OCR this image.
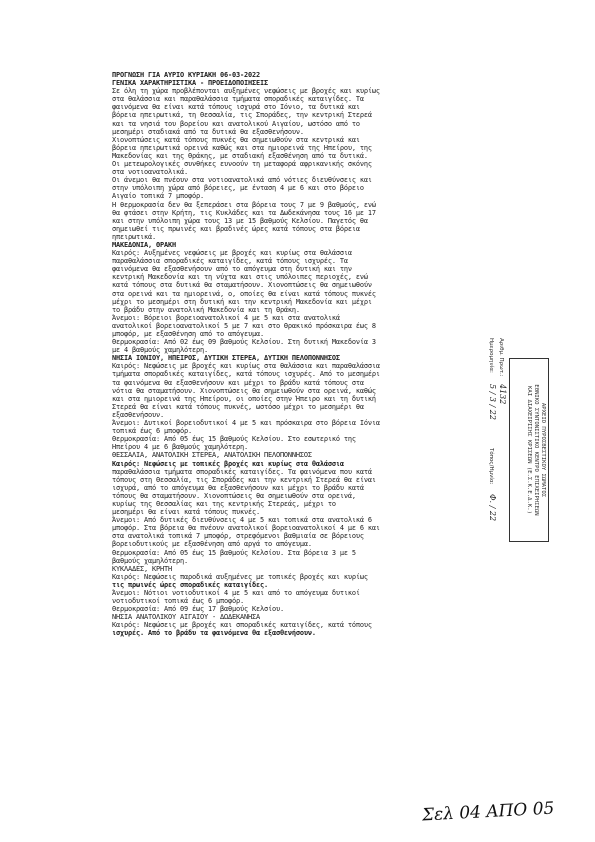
ΠΡΟΓΝΩΣΗ ΓΙΑ ΑΥΡΙΟ ΚΥΡΙΑΚΗ 06-03-2022
ΓΕΝΙΚΑ ΧΑΡΑΚΤΗΡΙΣΤΙΚΑ - ΠΡΟΕΙΔΟΠΟΙΗΣΕΙΣ
Σε όλη τη χώρα προβλέπονται αυξημένες νεφώσεις με βροχές και κυρίως
στα θαλάσσια και παραθαλάσσια τμήματα σποραδικές καταιγίδες. Τα
φαινόμενα θα είναι κατά τόπους ισχυρά στο Ιόνιο, τα δυτικά και
βόρεια ηπειρωτικά, τη Θεσσαλία, τις Σποράδες, την κεντρική Στερεά
και τα νησιά του βορείου και ανατολικού Αιγαίου, ωστόσο από το
μεσημέρι σταδιακά από τα δυτικά θα εξασθενήσουν.
Χιονοπτώσεις κατά τόπους πυκνές θα σημειωθούν στα κεντρικά και
βόρεια ηπειρωτικά ορεινά καθώς και στα ημιορεινά της Ηπείρου, της
Μακεδονίας και της Θράκης, με σταδιακή εξασθένηση από τα δυτικά.
Οι μετεωρολογικές συνθήκες ευνοούν τη μεταφορά αφρικανικής σκόνης
στα νοτιοανατολικά.
Οι άνεμοι θα πνέουν στα νοτιοανατολικά από νότιες διευθύνσεις και
στην υπόλοιπη χώρα από βόρειες, με ένταση 4 με 6 και στο βόρειο
Αιγαίο τοπικά 7 μποφόρ.
Η θερμοκρασία δεν θα ξεπεράσει στα βόρεια τους 7 με 9 βαθμούς, ενώ
θα φτάσει στην Κρήτη, τις Κυκλάδες και τα Δωδεκάνησα τους 16 με 17
και στην υπόλοιπη χώρα τους 13 με 15 βαθμούς Κελσίου. Παγετός θα
σημειωθεί τις πρωινές και βραδινές ώρες κατά τόπους στα βόρεια
ηπειρωτικά.
ΜΑΚΕΔΟΝΙΑ, ΘΡΑΚΗ
Καιρός: Αυξημένες νεφώσεις με βροχές και κυρίως στα θαλάσσια
παραθαλάσσια σποραδικές καταιγίδες, κατά τόπους ισχυρές. Τα
φαινόμενα θα εξασθενήσουν από το απόγευμα στη δυτική και την
κεντρική Μακεδονία και τη νύχτα και στις υπόλοιπες περιοχές, ενώ
κατά τόπους στα δυτικά θα σταματήσουν. Χιονοπτώσεις θα σημειωθούν
στα ορεινά και τα ημιορεινά, ο, οποίες θα είναι κατά τόπους πυκνές
μέχρι το μεσημέρι στη δυτική και την κεντρική Μακεδονία και μέχρι
το βράδυ στην ανατολική Μακεδονία και τη Θράκη.
Άνεμοι: Βόρειοι βορειοανατολικοί 4 με 5 και στα ανατολικά
ανατολικοί βορειοανατολικοί 5 με 7 και στο Θρακικό πρόσκαιρα έως 8
μποφόρ, με εξασθένηση από το απόγευμα.
Θερμοκρασία: Από 02 έως 09 βαθμούς Κελσίου. Στη δυτική Μακεδονία 3
με 4 βαθμούς χαμηλότερη.
ΝΗΣΙΑ ΙΟΝΙΟΥ, ΗΠΕΙΡΟΣ, ΔΥΤΙΚΗ ΣΤΕΡΕΑ, ΔΥΤΙΚΗ ΠΕΛΟΠΟΝΝΗΣΟΣ
Καιρός: Νεφώσεις με βροχές και κυρίως στα θαλάσσια και παραθαλάσσια
τμήματα σποραδικές καταιγίδες, κατά τόπους ισχυρές. Από το μεσημέρι
τα φαινόμενα θα εξασθενήσουν και μέχρι το βράδυ κατά τόπους στα
νότια θα σταματήσουν. Χιονοπτώσεις θα σημειωθούν στα ορεινά, καθώς
και στα ημιορεινά της Ηπείρου, οι οποίες στην Ήπειρο και τη δυτική
Στερεά θα είναι κατά τόπους πυκνές, ωστόσο μέχρι το μεσημέρι θα
εξασθενήσουν.
Άνεμοι: Δυτικοί βορειοδυτικοί 4 με 5 και πρόσκαιρα στο βόρεια Ιόνια
τοπικά έως 6 μποφόρ.
Θερμοκρασία: Από 05 έως 15 βαθμούς Κελσίου. Στο εσωτερικό της
Ηπείρου 4 με 6 βαθμούς χαμηλότερη.
ΘΕΣΣΑΛΙΑ, ΑΝΑΤΟΛΙΚΗ ΣΤΕΡΕΑ, ΑΝΑΤΟΛΙΚΗ ΠΕΛΟΠΟΝΝΗΣΟΣ
Καιρός: Νεφώσεις με τοπικές βροχές και κυρίως στα θαλάσσια
παραθαλάσσια τμήματα σποραδικές καταιγίδες. Τα φαινόμενα που κατά
τόπους στη Θεσσαλία, τις Σποράδες και την κεντρική Στερεά θα είναι
ισχυρά, από το απόγευμα θα εξασθενήσουν και μέχρι το βράδυ κατά
τόπους θα σταματήσουν. Χιονοπτώσεις θα σημειωθούν στα ορεινά,
κυρίως της Θεσσαλίας και της κεντρικής Στερεάς, μέχρι το
μεσημέρι θα είναι κατά τόπους πυκνές.
Άνεμοι: Από δυτικές διευθύνσεις 4 με 5 και τοπικά στα ανατολικά 6
μποφόρ. Στα βόρεια θα πνέουν ανατολικοί βορειοανατολικοί 4 με 6 και
στα ανατολικά τοπικά 7 μποφόρ, στρεφόμενοι βαθμιαία σε βόρειους
βορειοδυτικούς με εξασθένηση από αργά το απόγευμα.
Θερμοκρασία: Από 05 έως 15 βαθμούς Κελσίου. Στα βόρεια 3 με 5
βαθμούς χαμηλότερη.
ΚΥΚΛΑΔΕΣ, ΚΡΗΤΗ
Καιρός: Νεφώσεις παροδικά αυξημένες με τοπικές βροχές και κυρίως
τις πρωινές ώρες σποραδικές καταιγίδες.
Άνεμοι: Νότιοι νοτιοδυτικοί 4 με 5 και από το απόγευμα δυτικοί
νοτιοδυτικοί τοπικά έως 6 μποφόρ.
Θερμοκρασία: Από 09 έως 17 βαθμούς Κελσίου.
ΝΗΣΙΑ ΑΝΑΤΟΛΙΚΟΥ ΑΙΓΑΙΟΥ - ΔΩΔΕΚΑΝΗΣΑ
Καιρός: Νεφώσεις με βροχές και σποραδικές καταιγίδες, κατά τόπους
ισχυρές. Από το βράδυ τα φαινόμενα θα εξασθενήσουν.
ΑΡΧΕΙΟ ΠΥΡΟΣΒΕΣΤΙΚΟΥ ΣΩΜΑΤΟΣ
ΕΘΝΙΚΟ ΣΥΝΤΟΝΙΣΤΙΚΟ ΚΕΝΤΡΟ ΕΠΙΧΕΙΡΗΣΕΩΝ
ΚΑΙ ΔΙΑΧΕΙΡΙΣΗΣ ΚΡΙΣΕΩΝ (Ε.Σ.Κ.Ε.Δ.Κ.)
Αριθμ. Πρωτ.:
4132
Ημερομηνία:
5 / 3 / 22
Τόπος/Ημνία:
Φ. / 22
Σελ 04 ΑΠΟ 05
